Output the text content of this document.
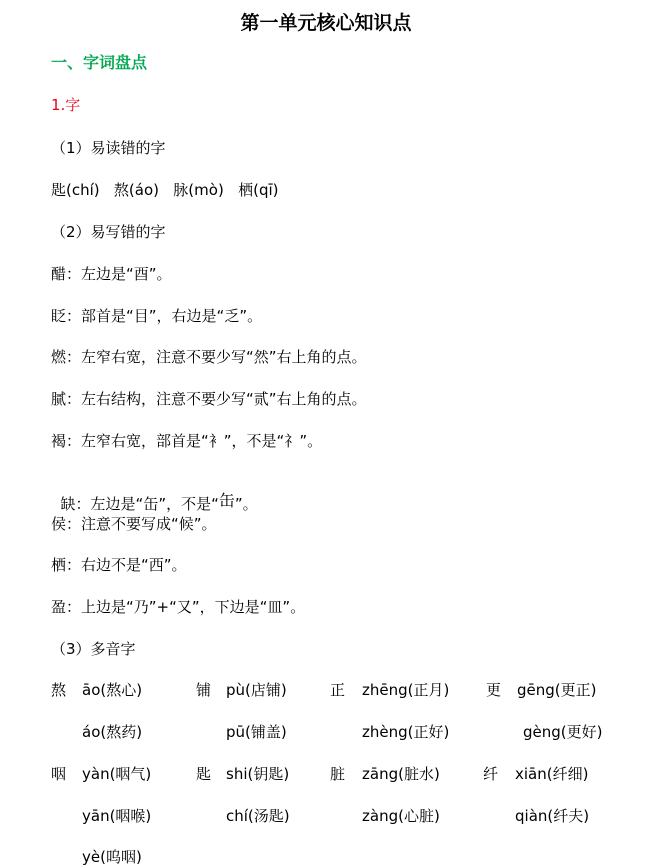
第一单元核心知识点
一、字词盘点
1.字
（1）易读错的字
匙(chí)   熬(áo)   脉(mò)   栖(qī)
（2）易写错的字
醋：左边是“酉”。
眨：部首是“目”，右边是“乏”。
燃：左窄右宽，注意不要少写“然”右上角的点。
腻：左右结构，注意不要少写“贰”右上角的点。
褐：左窄右宽，部首是“衤”，不是“礻”。

缺：左边是“缶”，不是“缶”。

侯：注意不要写成“候”。
栖：右边不是“西”。
盈：上边是“乃”+“又”，下边是“皿”。
（3）多音字
熬 āo(熬心)
áo(熬药)
铺 pù(店铺)
pū(铺盖)
正 zhēng(正月)
zhèng(正好)
更 gēng(更正)
gèng(更好)
咽 yàn(咽气)
yān(咽喉)
yè(呜咽)
匙 shi(钥匙)
chí(汤匙)
脏 zāng(脏水)
zàng(心脏)
纤 xiān(纤细)
qiàn(纤夫)
